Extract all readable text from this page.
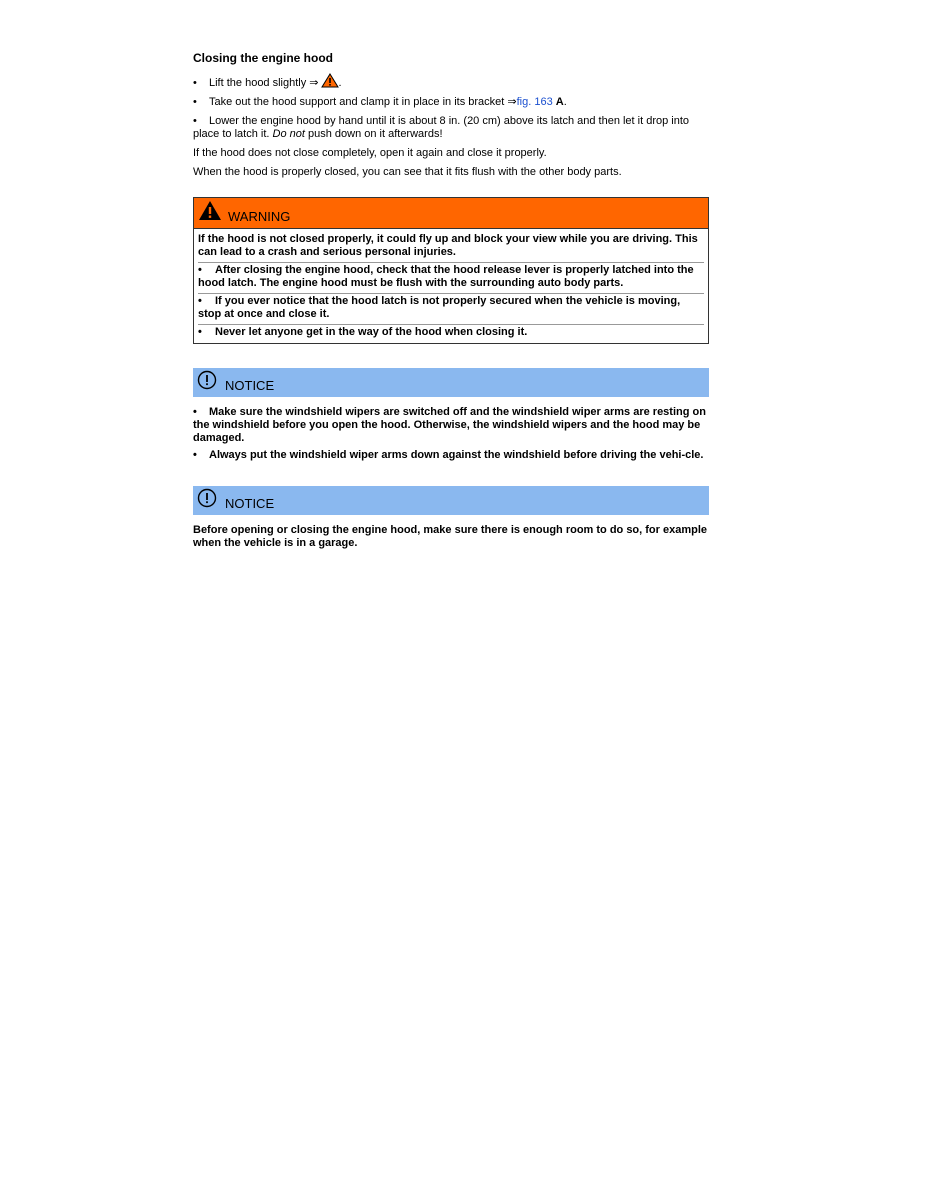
Closing the engine hood
• Lift the hood slightly ⇒ .
• Take out the hood support and clamp it in place in its bracket ⇒fig. 163 A.
• Lower the engine hood by hand until it is about 8 in. (20 cm) above its latch and then let it drop into place to latch it. Do not push down on it afterwards!
If the hood does not close completely, open it again and close it properly.
When the hood is properly closed, you can see that it fits flush with the other body parts.
WARNING
If the hood is not closed properly, it could fly up and block your view while you are driving. This can lead to a crash and serious personal injuries.
• After closing the engine hood, check that the hood release lever is properly latched into the hood latch. The engine hood must be flush with the surrounding auto body parts.
• If you ever notice that the hood latch is not properly secured when the vehicle is moving, stop at once and close it.
• Never let anyone get in the way of the hood when closing it.
NOTICE
• Make sure the windshield wipers are switched off and the windshield wiper arms are resting on the windshield before you open the hood. Otherwise, the windshield wipers and the hood may be damaged.
• Always put the windshield wiper arms down against the windshield before driving the vehi-cle.
NOTICE
Before opening or closing the engine hood, make sure there is enough room to do so, for example when the vehicle is in a garage.
